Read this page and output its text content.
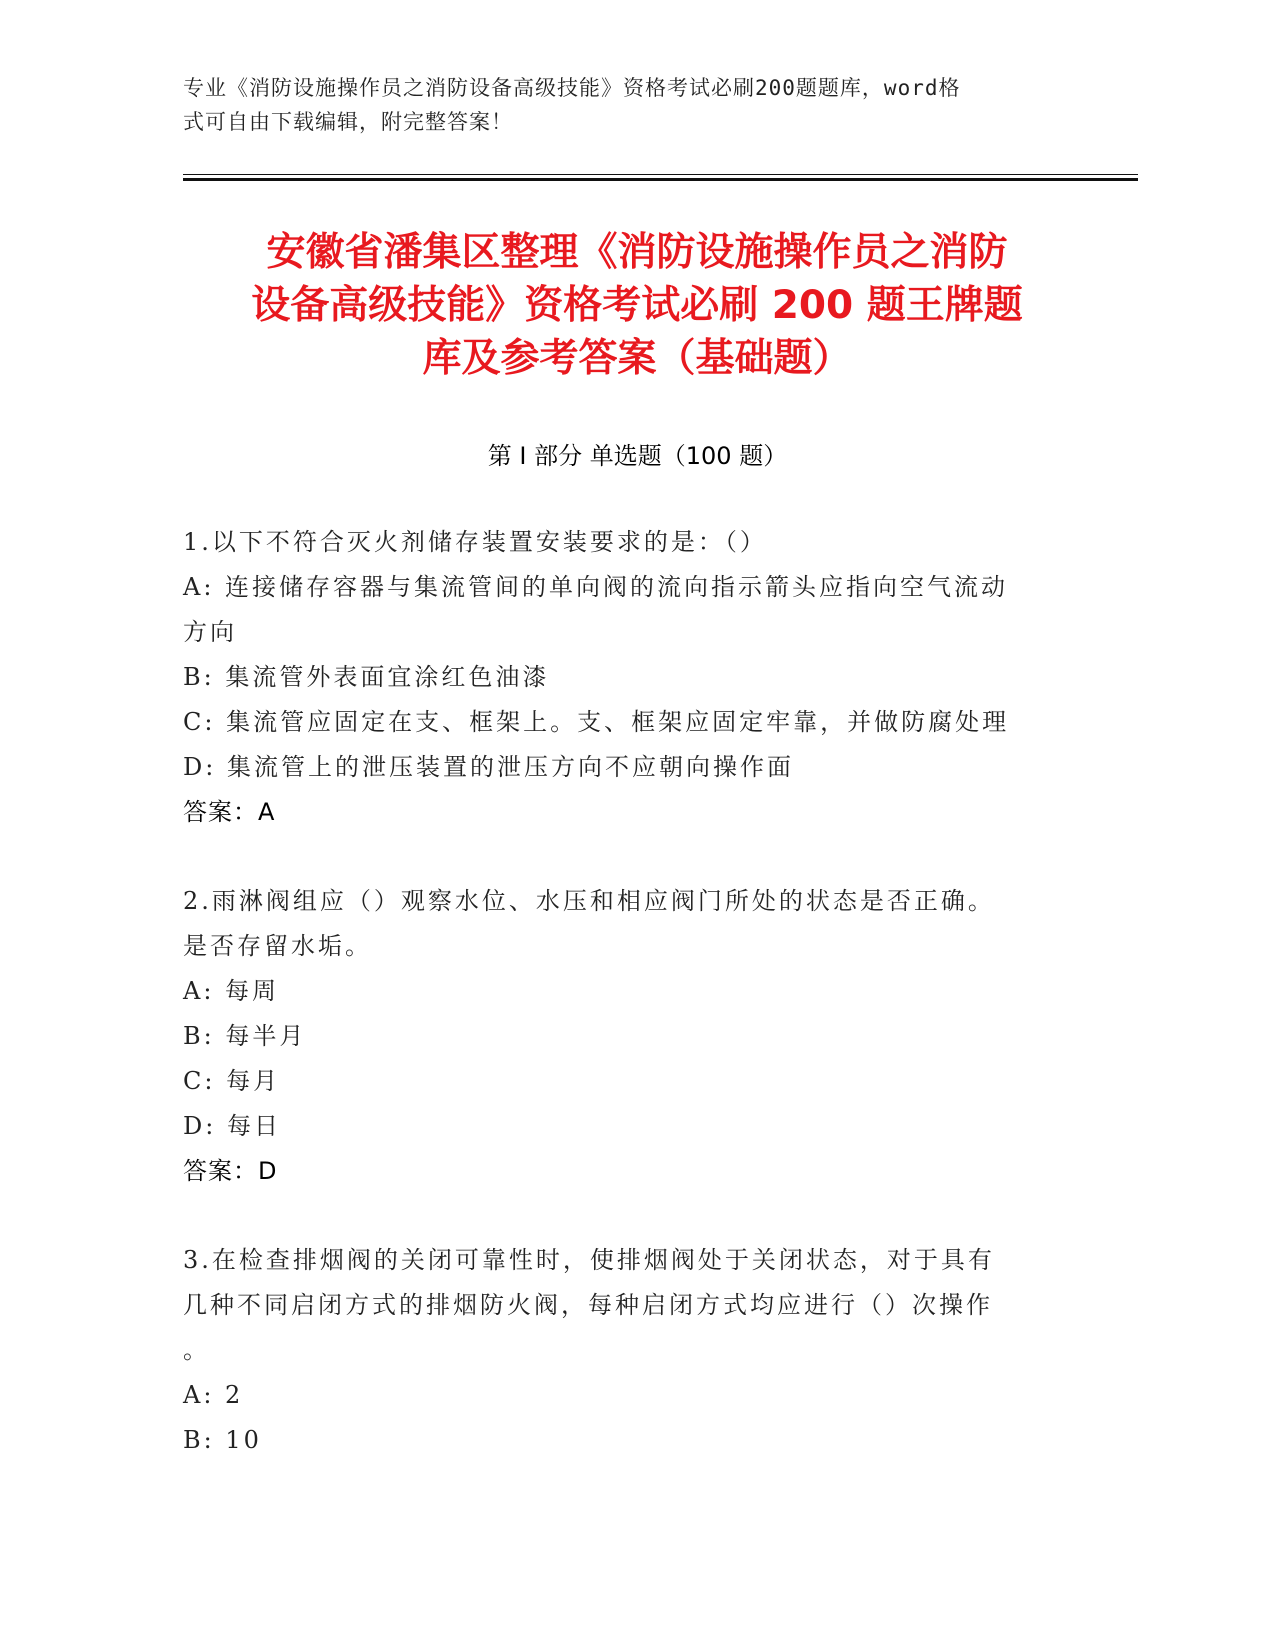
专业《消防设施操作员之消防设备高级技能》资格考试必刷200题题库，word格
式可自由下载编辑，附完整答案！
安徽省潘集区整理《消防设施操作员之消防
设备高级技能》资格考试必刷 200 题王牌题
库及参考答案（基础题）
第 I 部分 单选题（100 题）
1.以下不符合灭火剂储存装置安装要求的是：（）
A: 连接储存容器与集流管间的单向阀的流向指示箭头应指向空气流动
方向
B: 集流管外表面宜涂红色油漆
C: 集流管应固定在支、框架上。支、框架应固定牢靠，并做防腐处理
D: 集流管上的泄压装置的泄压方向不应朝向操作面
答案：A
2.雨淋阀组应（）观察水位、水压和相应阀门所处的状态是否正确。
是否存留水垢。
A: 每周
B: 每半月
C: 每月
D: 每日
答案：D
3.在检查排烟阀的关闭可靠性时，使排烟阀处于关闭状态，对于具有
几种不同启闭方式的排烟防火阀，每种启闭方式均应进行（）次操作
。
A: 2
B: 10
